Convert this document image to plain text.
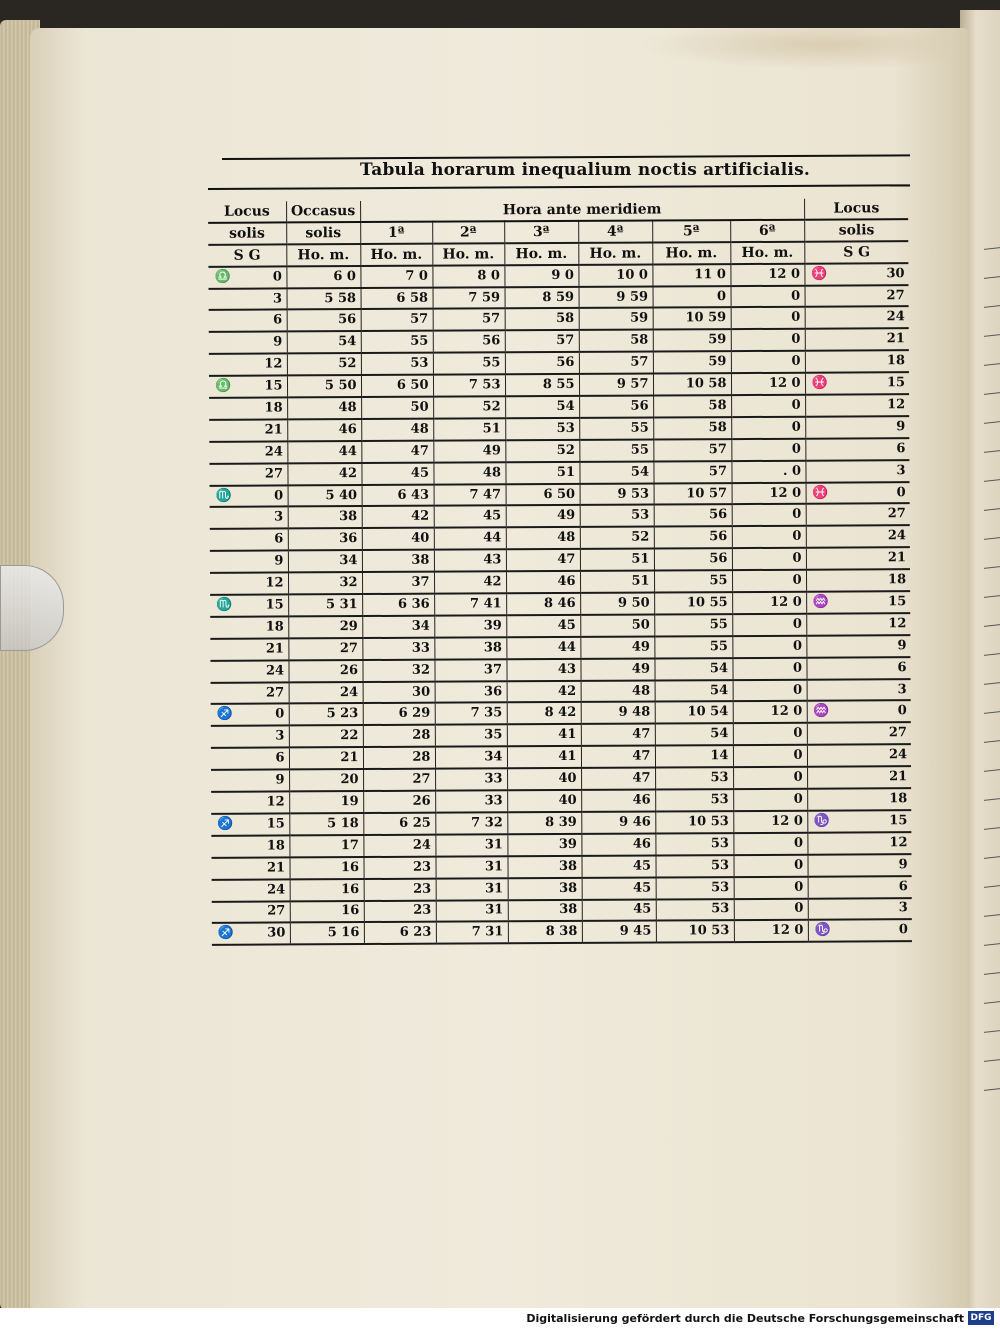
Tabula horarum inequalium noctis artificialis.
Locus	Occasus	Hora ante meridiem						Locus
solis	solis	1ª	2ª	3ª	4ª	5ª	6ª	solis
S G	Ho. m.	Ho. m.	Ho. m.	Ho. m.	Ho. m.	Ho. m.	Ho. m.	S G

♎ 0	6 0	7 0	8 0	9 0	10 0	11 0	12 0	♓ 30

3	5 58	6 58	7 59	8 59	9 59	0	0	27

6	56	57	57	58	59	10 59	0	24

9	54	55	56	57	58	59	0	21

12	52	53	55	56	57	59	0	18

♎ 15	5 50	6 50	7 53	8 55	9 57	10 58	12 0	♓ 15

18	48	50	52	54	56	58	0	12

21	46	48	51	53	55	58	0	9

24	44	47	49	52	55	57	0	6

27	42	45	48	51	54	57	. 0	3

♏ 0	5 40	6 43	7 47	6 50	9 53	10 57	12 0	♓ 0

3	38	42	45	49	53	56	0	27

6	36	40	44	48	52	56	0	24

9	34	38	43	47	51	56	0	21

12	32	37	42	46	51	55	0	18

♏ 15	5 31	6 36	7 41	8 46	9 50	10 55	12 0	♒ 15

18	29	34	39	45	50	55	0	12

21	27	33	38	44	49	55	0	9

24	26	32	37	43	49	54	0	6

27	24	30	36	42	48	54	0	3

♐ 0	5 23	6 29	7 35	8 42	9 48	10 54	12 0	♒ 0

3	22	28	35	41	47	54	0	27

6	21	28	34	41	47	14	0	24

9	20	27	33	40	47	53	0	21

12	19	26	33	40	46	53	0	18

♐ 15	5 18	6 25	7 32	8 39	9 46	10 53	12 0	♑ 15

18	17	24	31	39	46	53	0	12

21	16	23	31	38	45	53	0	9

24	16	23	31	38	45	53	0	6

27	16	23	31	38	45	53	0	3

♐ 30	5 16	6 23	7 31	8 38	9 45	10 53	12 0	♑ 0
Digitalisierung gefördert durch die Deutsche Forschungsgemeinschaft DFG
